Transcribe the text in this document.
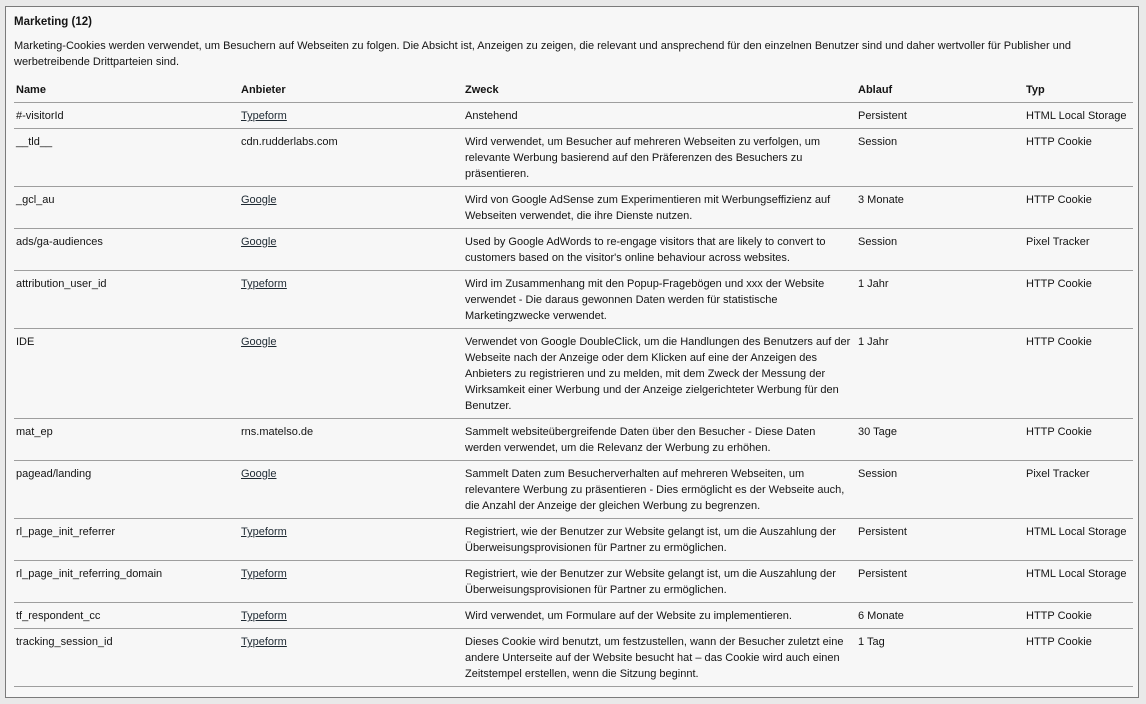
Marketing (12)
Marketing-Cookies werden verwendet, um Besuchern auf Webseiten zu folgen. Die Absicht ist, Anzeigen zu zeigen, die relevant und ansprechend für den einzelnen Benutzer sind und daher wertvoller für Publisher und werbetreibende Drittparteien sind.
Name	Anbieter	Zweck	Ablauf	Typ
#-visitorId	Typeform	Anstehend	Persistent	HTML Local Storage
__tld__	cdn.rudderlabs.com	Wird verwendet, um Besucher auf mehreren Webseiten zu verfolgen, um relevante Werbung basierend auf den Präferenzen des Besuchers zu präsentieren.	Session	HTTP Cookie
_gcl_au	Google	Wird von Google AdSense zum Experimentieren mit Werbungseffizienz auf Webseiten verwendet, die ihre Dienste nutzen.	3 Monate	HTTP Cookie
ads/ga-audiences	Google	Used by Google AdWords to re-engage visitors that are likely to convert to customers based on the visitor's online behaviour across websites.	Session	Pixel Tracker
attribution_user_id	Typeform	Wird im Zusammenhang mit den Popup-Fragebögen und xxx der Website verwendet - Die daraus gewonnen Daten werden für statistische Marketingzwecke verwendet.	1 Jahr	HTTP Cookie
IDE	Google	Verwendet von Google DoubleClick, um die Handlungen des Benutzers auf der Webseite nach der Anzeige oder dem Klicken auf eine der Anzeigen des Anbieters zu registrieren und zu melden, mit dem Zweck der Messung der Wirksamkeit einer Werbung und der Anzeige zielgerichteter Werbung für den Benutzer.	1 Jahr	HTTP Cookie
mat_ep	rns.matelso.de	Sammelt websiteübergreifende Daten über den Besucher - Diese Daten werden verwendet, um die Relevanz der Werbung zu erhöhen.	30 Tage	HTTP Cookie
pagead/landing	Google	Sammelt Daten zum Besucherverhalten auf mehreren Webseiten, um relevantere Werbung zu präsentieren - Dies ermöglicht es der Webseite auch, die Anzahl der Anzeige der gleichen Werbung zu begrenzen.	Session	Pixel Tracker
rl_page_init_referrer	Typeform	Registriert, wie der Benutzer zur Website gelangt ist, um die Auszahlung der Überweisungsprovisionen für Partner zu ermöglichen.	Persistent	HTML Local Storage
rl_page_init_referring_domain	Typeform	Registriert, wie der Benutzer zur Website gelangt ist, um die Auszahlung der Überweisungsprovisionen für Partner zu ermöglichen.	Persistent	HTML Local Storage
tf_respondent_cc	Typeform	Wird verwendet, um Formulare auf der Website zu implementieren.	6 Monate	HTTP Cookie
tracking_session_id	Typeform	Dieses Cookie wird benutzt, um festzustellen, wann der Besucher zuletzt eine andere Unterseite auf der Website besucht hat – das Cookie wird auch einen Zeitstempel erstellen, wenn die Sitzung beginnt.	1 Tag	HTTP Cookie
